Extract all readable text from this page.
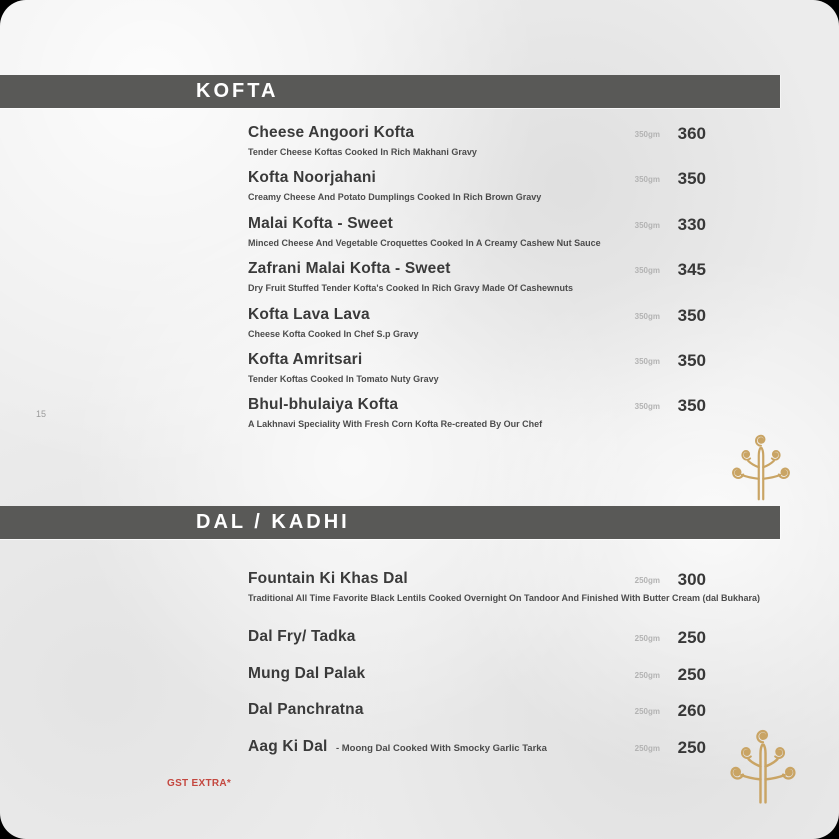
KOFTA
Cheese Angoori Kofta
Tender Cheese Koftas Cooked In Rich Makhani Gravy
350gm	360
Kofta Noorjahani
Creamy Cheese And Potato Dumplings Cooked In Rich Brown Gravy
350gm	350
Malai Kofta - Sweet
Minced Cheese And Vegetable Croquettes Cooked In A Creamy Cashew Nut Sauce
350gm	330
Zafrani Malai Kofta - Sweet
Dry Fruit Stuffed Tender Kofta's Cooked In Rich Gravy Made Of Cashewnuts
350gm	345
Kofta Lava Lava
Cheese Kofta Cooked In Chef S.p Gravy
350gm	350
Kofta Amritsari
Tender Koftas Cooked In Tomato Nuty Gravy
350gm	350
Bhul-bhulaiya Kofta
A Lakhnavi Speciality With Fresh Corn Kofta Re-created By Our Chef
350gm	350
DAL / KADHI
Fountain Ki Khas Dal
Traditional All Time Favorite Black Lentils Cooked Overnight On Tandoor And Finished With Butter Cream (dal Bukhara)
250gm	300
Dal Fry/ Tadka	250gm	250
Mung Dal Palak	250gm	250
Dal Panchratna	250gm	260
Aag Ki Dal - Moong Dal Cooked With Smocky Garlic Tarka	250gm	250
15
GST EXTRA*
